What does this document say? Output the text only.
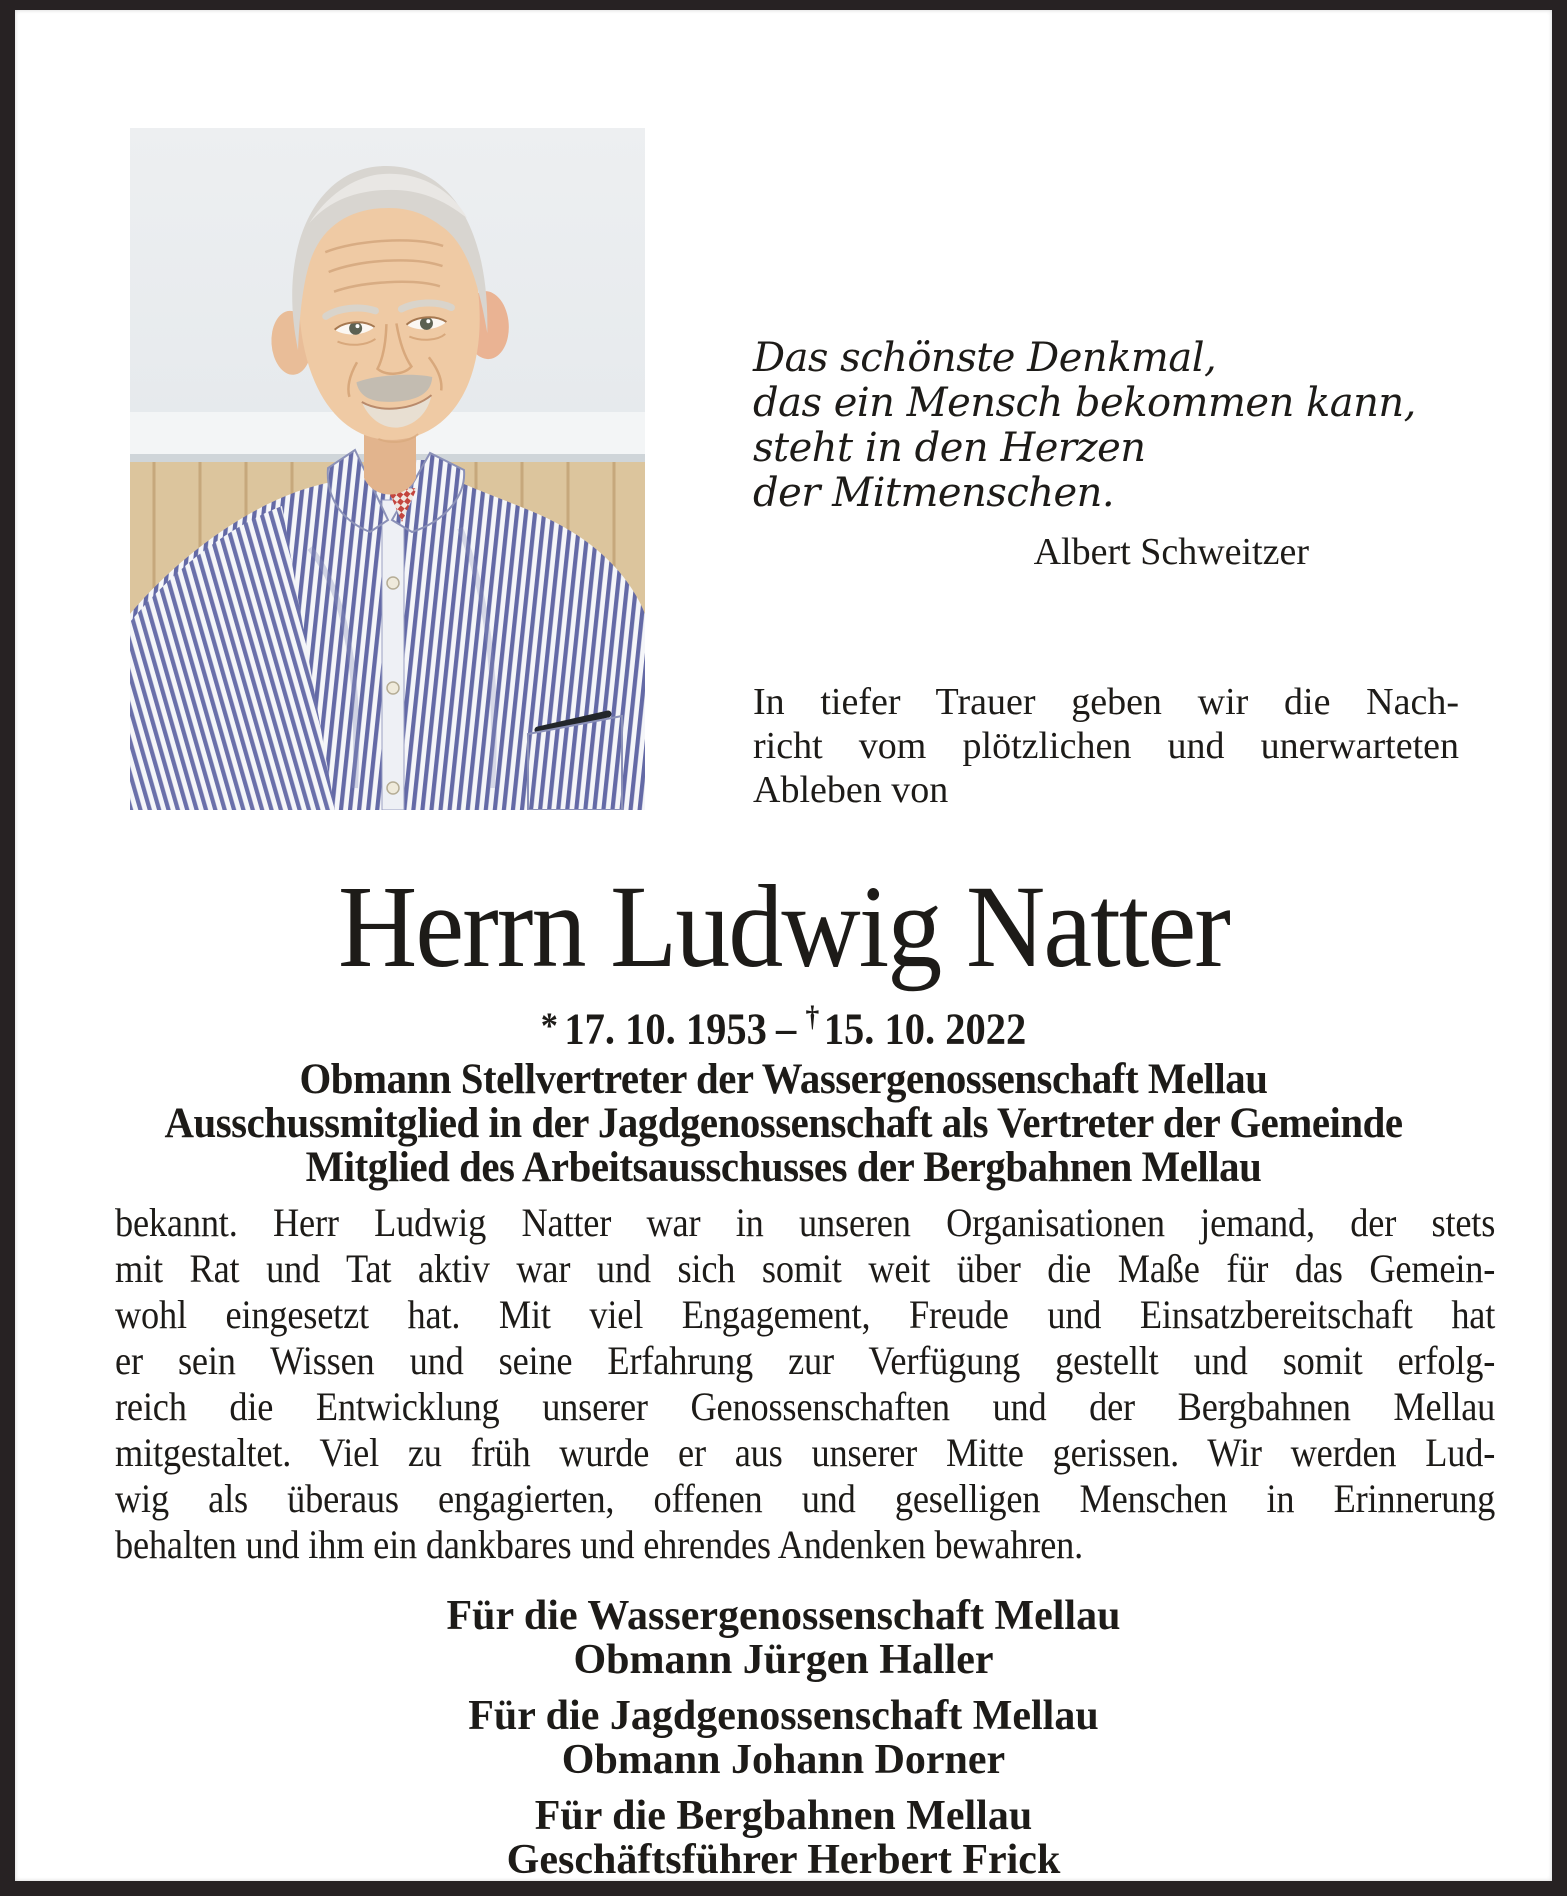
Das schönste Denkmal,
das ein Mensch bekommen kann,
steht in den Herzen
der Mitmenschen.
Albert Schweitzer
In tiefer Trauer geben wir die Nach-
richt vom plötzlichen und unerwarteten
Ableben von
Herrn Ludwig Natter
* 17. 10. 1953 – † 15. 10. 2022
Obmann Stellvertreter der Wassergenossenschaft Mellau
Ausschussmitglied in der Jagdgenossenschaft als Vertreter der Gemeinde
Mitglied des Arbeitsausschusses der Bergbahnen Mellau
bekannt. Herr Ludwig Natter war in unseren Organisationen jemand, der stets
mit Rat und Tat aktiv war und sich somit weit über die Maße für das Gemein-
wohl eingesetzt hat. Mit viel Engagement, Freude und Einsatzbereitschaft hat
er sein Wissen und seine Erfahrung zur Verfügung gestellt und somit erfolg-
reich die Entwicklung unserer Genossenschaften und der Bergbahnen Mellau
mitgestaltet. Viel zu früh wurde er aus unserer Mitte gerissen. Wir werden Lud-
wig als überaus engagierten, offenen und geselligen Menschen in Erinnerung
behalten und ihm ein dankbares und ehrendes Andenken bewahren.
Für die Wassergenossenschaft Mellau
Obmann Jürgen Haller
Für die Jagdgenossenschaft Mellau
Obmann Johann Dorner
Für die Bergbahnen Mellau
Geschäftsführer Herbert Frick
